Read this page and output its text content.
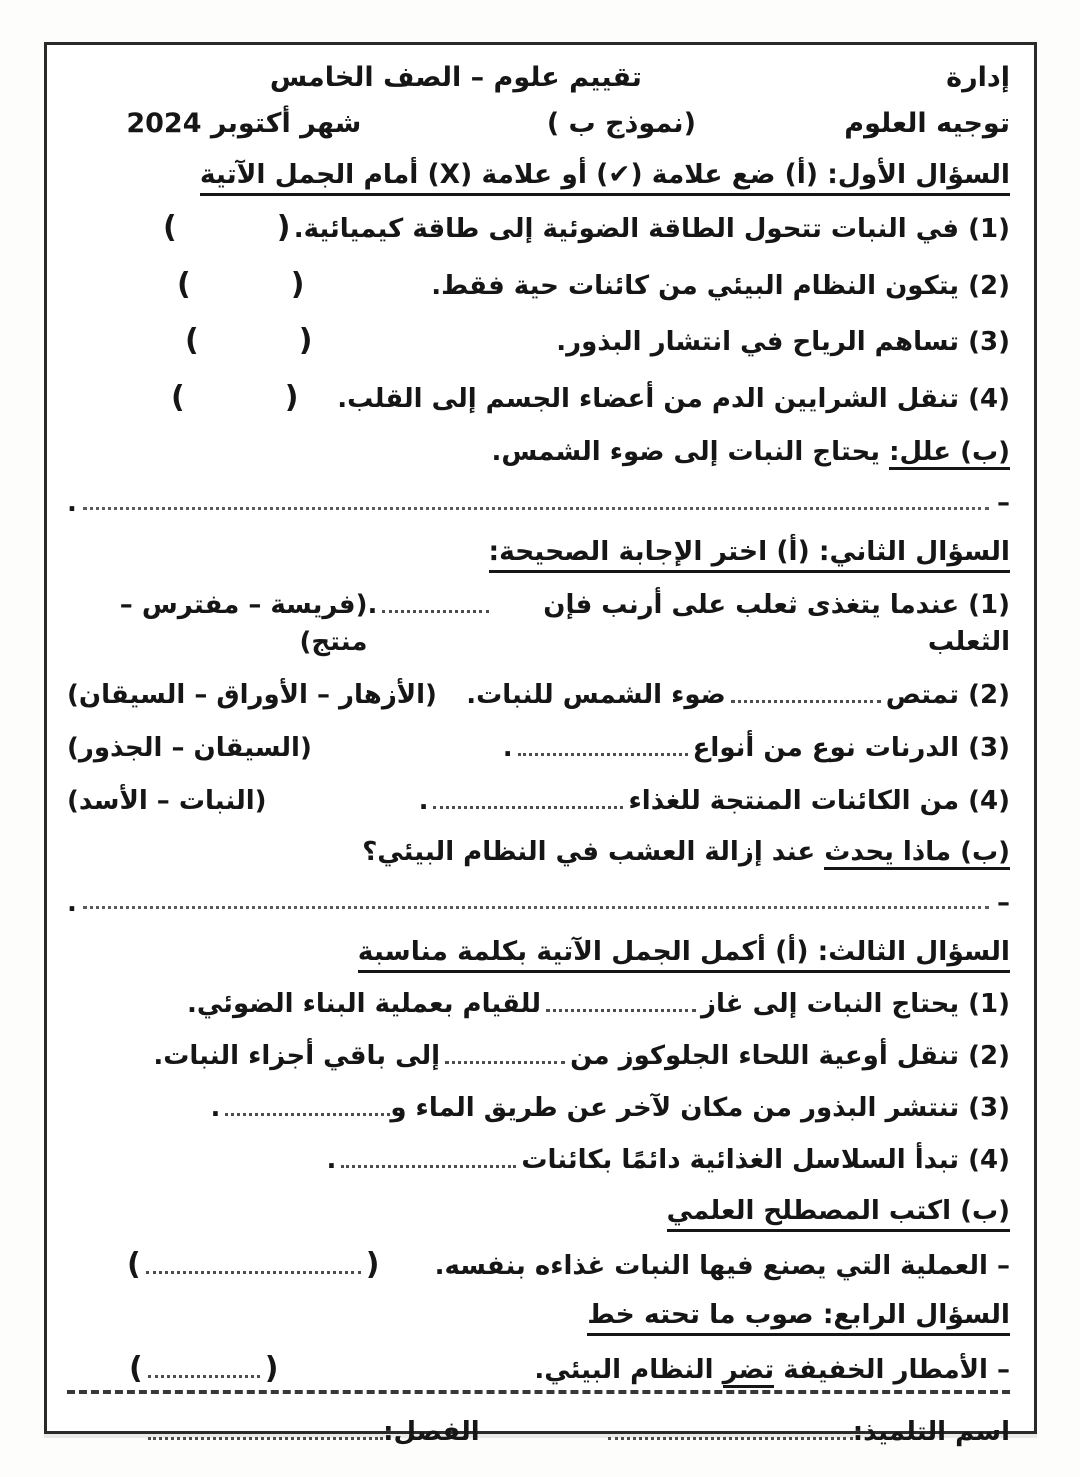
إدارة
تقييم علوم – الصف الخامس
توجيه العلوم
(نموذج ب )
شهر أكتوبر 2024
السؤال الأول: (أ) ضع علامة (✔) أو علامة (X) أمام الجمل الآتية
(1) في النبات تتحول الطاقة الضوئية إلى طاقة كيميائية.
(	)
(2) يتكون النظام البيئي من كائنات حية فقط.
(	)
(3) تساهم الرياح في انتشار البذور.
(	)
(4) تنقل الشرايين الدم من أعضاء الجسم إلى القلب.
(	)
(ب) علل: يحتاج النبات إلى ضوء الشمس.
–
.
السؤال الثاني: (أ) اختر الإجابة الصحيحة:
(1) عندما يتغذى ثعلب على أرنب فإن الثعلب
.
(فريسة – مفترس – منتج)
(2) تمتص
ضوء الشمس للنبات.
(الأزهار – الأوراق – السيقان)
(3) الدرنات نوع من أنواع
.
(السيقان – الجذور)
(4) من الكائنات المنتجة للغذاء
.
(النبات – الأسد)
(ب) ماذا يحدث عند إزالة العشب في النظام البيئي؟
–
.
السؤال الثالث: (أ) أكمل الجمل الآتية بكلمة مناسبة
(1) يحتاج النبات إلى غاز
للقيام بعملية البناء الضوئي.
(2) تنقل أوعية اللحاء الجلوكوز من
إلى باقي أجزاء النبات.
(3) تنتشر البذور من مكان لآخر عن طريق الماء و
.
(4) تبدأ السلاسل الغذائية دائمًا بكائنات
.
(ب) اكتب المصطلح العلمي
– العملية التي يصنع فيها النبات غذاءه بنفسه.
(	)
السؤال الرابع: صوب ما تحته خط
– الأمطار الخفيفة تضر النظام البيئي.
(	)
اسم التلميذ:
الفصل:
